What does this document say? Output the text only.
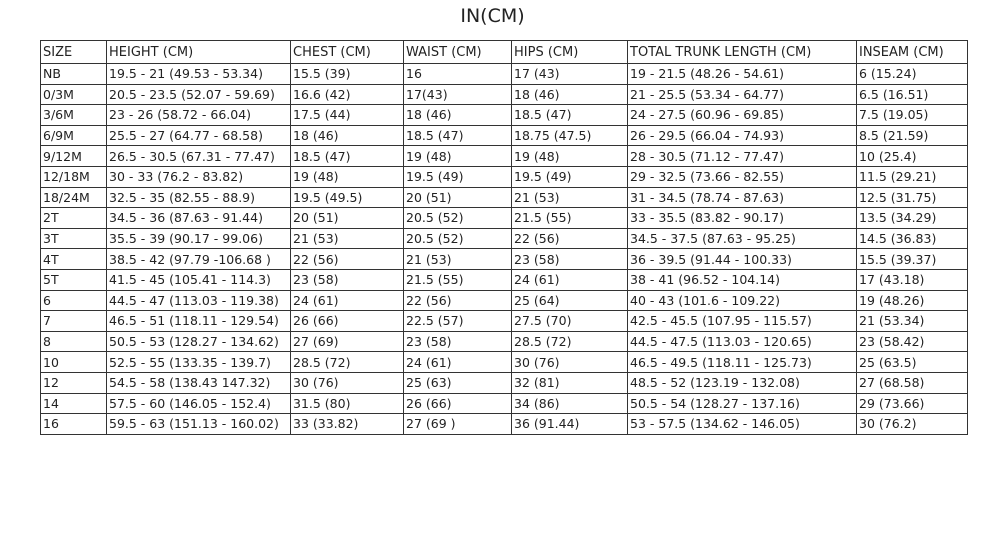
IN(CM)
SIZE	HEIGHT (CM)	CHEST (CM)	WAIST (CM)	HIPS (CM)	TOTAL TRUNK LENGTH (CM)	INSEAM (CM)
NB	19.5 - 21 (49.53 - 53.34)	15.5 (39)	16	17 (43)	19 - 21.5 (48.26 - 54.61)	6 (15.24)
0/3M	20.5 - 23.5 (52.07 - 59.69)	16.6 (42)	17(43)	18 (46)	21 - 25.5 (53.34 - 64.77)	6.5 (16.51)
3/6M	23 - 26 (58.72 - 66.04)	17.5 (44)	18 (46)	18.5 (47)	24 - 27.5 (60.96 - 69.85)	7.5 (19.05)
6/9M	25.5 - 27 (64.77 - 68.58)	18 (46)	18.5 (47)	18.75 (47.5)	26 - 29.5 (66.04 - 74.93)	8.5 (21.59)
9/12M	26.5 - 30.5 (67.31 - 77.47)	18.5 (47)	19 (48)	19 (48)	28 - 30.5 (71.12 - 77.47)	10 (25.4)
12/18M	30 - 33 (76.2 - 83.82)	19 (48)	19.5 (49)	19.5 (49)	29 - 32.5 (73.66 - 82.55)	11.5 (29.21)
18/24M	32.5 - 35 (82.55 - 88.9)	19.5 (49.5)	20 (51)	21 (53)	31 - 34.5 (78.74 - 87.63)	12.5 (31.75)
2T	34.5 - 36 (87.63 - 91.44)	20 (51)	20.5 (52)	21.5 (55)	33 - 35.5 (83.82 - 90.17)	13.5 (34.29)
3T	35.5 - 39 (90.17 - 99.06)	21 (53)	20.5 (52)	22 (56)	34.5 - 37.5 (87.63 - 95.25)	14.5 (36.83)
4T	38.5 - 42 (97.79 -106.68 )	22 (56)	21 (53)	23 (58)	36 - 39.5 (91.44 - 100.33)	15.5 (39.37)
5T	41.5 - 45 (105.41 - 114.3)	23 (58)	21.5 (55)	24 (61)	38 - 41 (96.52 - 104.14)	17 (43.18)
6	44.5 - 47 (113.03 - 119.38)	24 (61)	22 (56)	25 (64)	40 - 43 (101.6 - 109.22)	19 (48.26)
7	46.5 - 51 (118.11 - 129.54)	26 (66)	22.5 (57)	27.5 (70)	42.5 - 45.5 (107.95 - 115.57)	21 (53.34)
8	50.5 - 53 (128.27 - 134.62)	27 (69)	23 (58)	28.5 (72)	44.5 - 47.5 (113.03 - 120.65)	23 (58.42)
10	52.5 - 55 (133.35 - 139.7)	28.5 (72)	24 (61)	30 (76)	46.5 - 49.5 (118.11 - 125.73)	25 (63.5)
12	54.5 - 58 (138.43 147.32)	30 (76)	25 (63)	32 (81)	48.5 - 52 (123.19 - 132.08)	27 (68.58)
14	57.5 - 60 (146.05 - 152.4)	31.5 (80)	26 (66)	34 (86)	50.5 - 54 (128.27 - 137.16)	29 (73.66)
16	59.5 - 63 (151.13 - 160.02)	33 (33.82)	27 (69 )	36 (91.44)	53 - 57.5 (134.62 - 146.05)	30 (76.2)
